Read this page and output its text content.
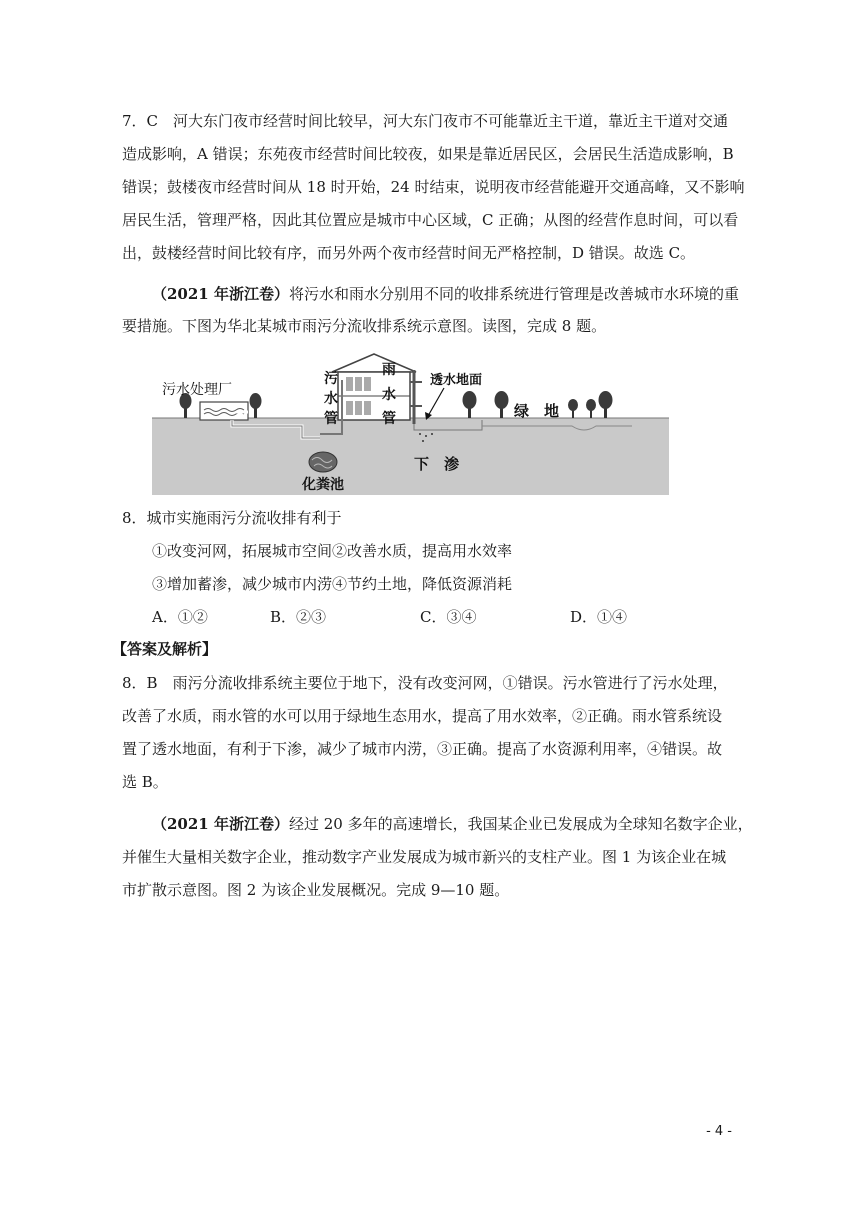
7．C　河大东门夜市经营时间比较早，河大东门夜市不可能靠近主干道，靠近主干道对交通
造成影响，A 错误；东苑夜市经营时间比较夜，如果是靠近居民区，会居民生活造成影响，B
错误；鼓楼夜市经营时间从 18 时开始，24 时结束，说明夜市经营能避开交通高峰，又不影响
居民生活，管理严格，因此其位置应是城市中心区域，C 正确；从图的经营作息时间，可以看
出，鼓楼经营时间比较有序，而另外两个夜市经营时间无严格控制，D 错误。故选 C。
（2021 年浙江卷）将污水和雨水分别用不同的收排系统进行管理是改善城市水环境的重
要措施。下图为华北某城市雨污分流收排系统示意图。读图，完成 8 题。
污水处理厂
化粪池
污
水
管
雨
水
管
透水地面
下　渗
绿　地
8．城市实施雨污分流收排有利于
①改变河网，拓展城市空间②改善水质，提高用水效率
③增加蓄渗，减少城市内涝④节约土地，降低资源消耗
A．①②	B．②③	C．③④	D．①④
【答案及解析】
8．B　雨污分流收排系统主要位于地下，没有改变河网，①错误。污水管进行了污水处理，
改善了水质，雨水管的水可以用于绿地生态用水，提高了用水效率，②正确。雨水管系统设
置了透水地面，有利于下渗，减少了城市内涝，③正确。提高了水资源利用率，④错误。故
选 B。
（2021 年浙江卷）经过 20 多年的高速增长，我国某企业已发展成为全球知名数字企业，
并催生大量相关数字企业，推动数字产业发展成为城市新兴的支柱产业。图 1 为该企业在城
市扩散示意图。图 2 为该企业发展概况。完成 9—10 题。
- 4 -
